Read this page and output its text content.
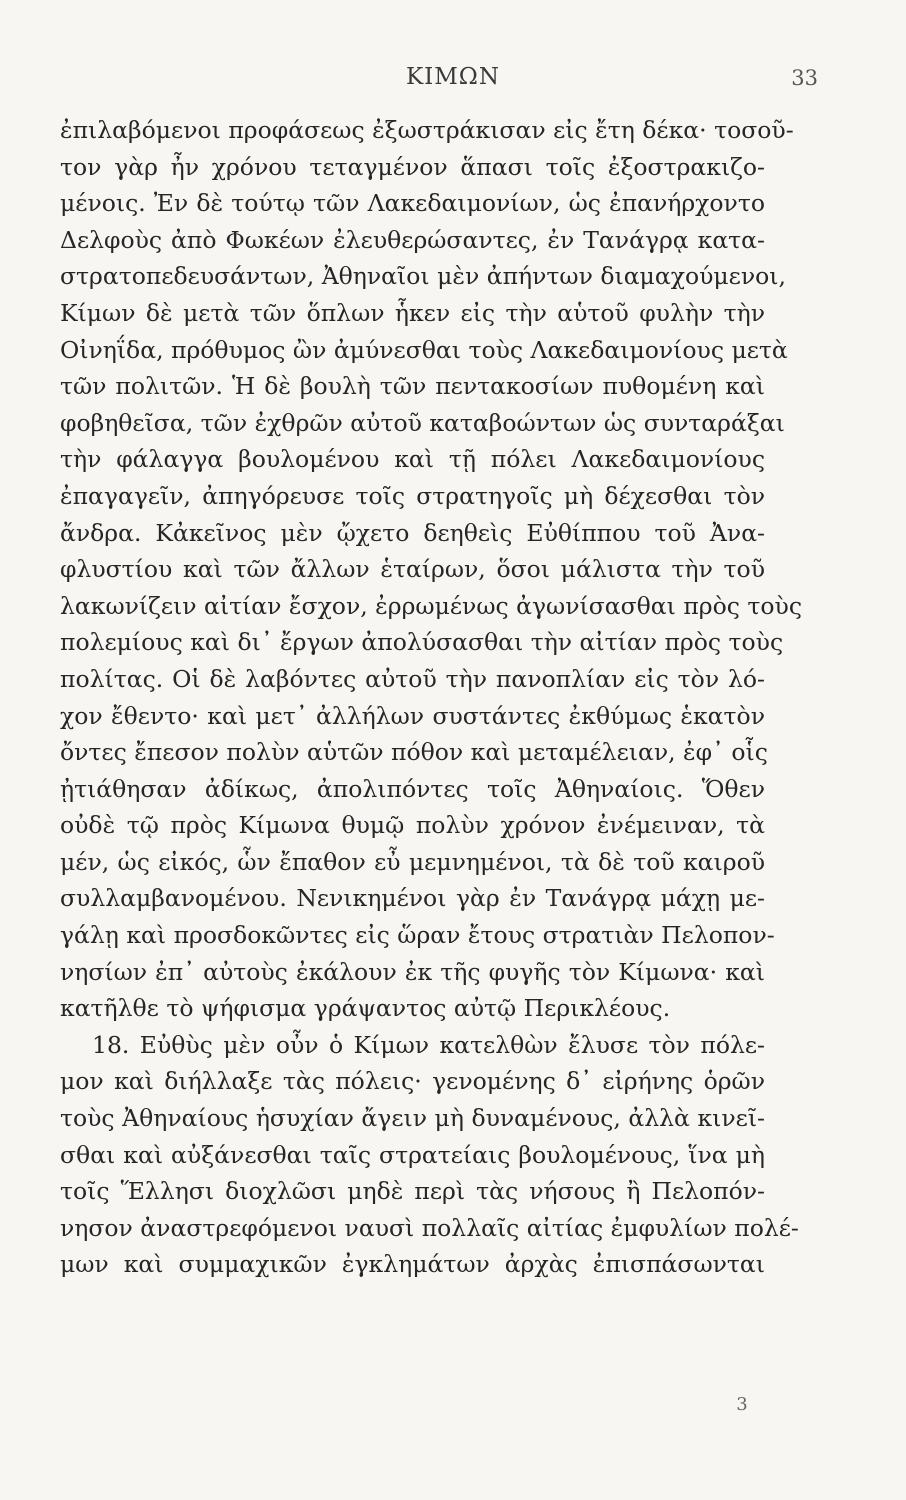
ΚΙΜΩΝ	33
ἐπιλαβόμενοι προφάσεως ἐξωστράκισαν εἰς ἔτη δέκα· τοσοῦ-
τον γὰρ ἦν χρόνου τεταγμένον ἅπασι τοῖς ἐξοστρακιζο-
μένοις. Ἐν δὲ τούτῳ τῶν Λακεδαιμονίων, ὡς ἐπανήρχοντο
Δελφοὺς ἀπὸ Φωκέων ἐλευθερώσαντες, ἐν Τανάγρᾳ κατα-
στρατοπεδευσάντων, Ἀθηναῖοι μὲν ἀπήντων διαμαχούμενοι,
Κίμων δὲ μετὰ τῶν ὅπλων ἧκεν εἰς τὴν αὑτοῦ φυλὴν τὴν
Οἰνηΐδα, πρόθυμος ὢν ἀμύνεσθαι τοὺς Λακεδαιμονίους μετὰ
τῶν πολιτῶν. Ἡ δὲ βουλὴ τῶν πεντακοσίων πυθομένη καὶ
φοβηθεῖσα, τῶν ἐχθρῶν αὐτοῦ καταβοώντων ὡς συνταράξαι
τὴν φάλαγγα βουλομένου καὶ τῇ πόλει Λακεδαιμονίους
ἐπαγαγεῖν, ἀπηγόρευσε τοῖς στρατηγοῖς μὴ δέχεσθαι τὸν
ἄνδρα. Κἀκεῖνος μὲν ᾤχετο δεηθεὶς Εὐθίππου τοῦ Ἀνα-
φλυστίου καὶ τῶν ἄλλων ἑταίρων, ὅσοι μάλιστα τὴν τοῦ
λακωνίζειν αἰτίαν ἔσχον, ἐρρωμένως ἀγωνίσασθαι πρὸς τοὺς
πολεμίους καὶ δι᾽ ἔργων ἀπολύσασθαι τὴν αἰτίαν πρὸς τοὺς
πολίτας. Οἱ δὲ λαβόντες αὐτοῦ τὴν πανοπλίαν εἰς τὸν λό-
χον ἔθεντο· καὶ μετ᾽ ἀλλήλων συστάντες ἐκθύμως ἑκατὸν
ὄντες ἔπεσον πολὺν αὑτῶν πόθον καὶ μεταμέλειαν, ἐφ᾽ οἷς
ᾐτιάθησαν ἀδίκως, ἀπολιπόντες τοῖς Ἀθηναίοις. Ὅθεν
οὐδὲ τῷ πρὸς Κίμωνα θυμῷ πολὺν χρόνον ἐνέμειναν, τὰ
μέν, ὡς εἰκός, ὧν ἔπαθον εὖ μεμνημένοι, τὰ δὲ τοῦ καιροῦ
συλλαμβανομένου. Νενικημένοι γὰρ ἐν Τανάγρᾳ μάχῃ με-
γάλῃ καὶ προσδοκῶντες εἰς ὥραν ἔτους στρατιὰν Πελοπον-
νησίων ἐπ᾽ αὐτοὺς ἐκάλουν ἐκ τῆς φυγῆς τὸν Κίμωνα· καὶ
κατῆλθε τὸ ψήφισμα γράψαντος αὐτῷ Περικλέους.
18. Εὐθὺς μὲν οὖν ὁ Κίμων κατελθὼν ἔλυσε τὸν πόλε-
μον καὶ διήλλαξε τὰς πόλεις· γενομένης δ᾽ εἰρήνης ὁρῶν
τοὺς Ἀθηναίους ἡσυχίαν ἄγειν μὴ δυναμένους, ἀλλὰ κινεῖ-
σθαι καὶ αὐξάνεσθαι ταῖς στρατείαις βουλομένους, ἵνα μὴ
τοῖς Ἕλλησι διοχλῶσι μηδὲ περὶ τὰς νήσους ἢ Πελοπόν-
νησον ἀναστρεφόμενοι ναυσὶ πολλαῖς αἰτίας ἐμφυλίων πολέ-
μων καὶ συμμαχικῶν ἐγκλημάτων ἀρχὰς ἐπισπάσωνται
3
